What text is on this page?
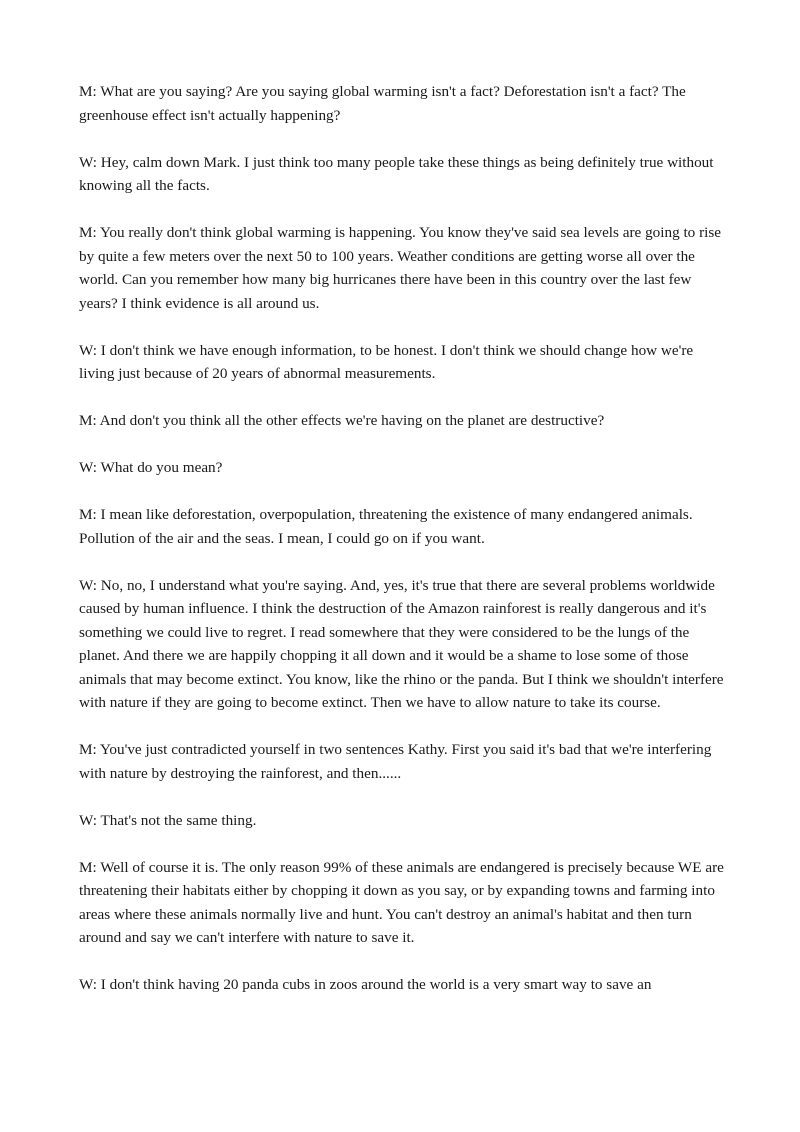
M: What are you saying? Are you saying global warming isn't a fact? Deforestation isn't a fact? The greenhouse effect isn't actually happening?

W: Hey, calm down Mark. I just think too many people take these things as being definitely true without knowing all the facts.

M: You really don't think global warming is happening. You know they've said sea levels are going to rise by quite a few meters over the next 50 to 100 years. Weather conditions are getting worse all over the world. Can you remember how many big hurricanes there have been in this country over the last few years? I think evidence is all around us.

W: I don't think we have enough information, to be honest. I don't think we should change how we're living just because of 20 years of abnormal measurements.

M: And don't you think all the other effects we're having on the planet are destructive?

W: What do you mean?

M: I mean like deforestation, overpopulation, threatening the existence of many endangered animals. Pollution of the air and the seas. I mean, I could go on if you want.

W: No, no, I understand what you're saying. And, yes, it's true that there are several problems worldwide caused by human influence. I think the destruction of the Amazon rainforest is really dangerous and it's something we could live to regret. I read somewhere that they were considered to be the lungs of the planet. And there we are happily chopping it all down and it would be a shame to lose some of those animals that may become extinct. You know, like the rhino or the panda. But I think we shouldn't interfere with nature if they are going to become extinct. Then we have to allow nature to take its course.

M: You've just contradicted yourself in two sentences Kathy. First you said it's bad that we're interfering with nature by destroying the rainforest, and then......

W: That's not the same thing.

M: Well of course it is. The only reason 99% of these animals are endangered is precisely because WE are threatening their habitats either by chopping it down as you say, or by expanding towns and farming into areas where these animals normally live and hunt. You can't destroy an animal's habitat and then turn around and say we can't interfere with nature to save it.

W: I don't think having 20 panda cubs in zoos around the world is a very smart way to save an
